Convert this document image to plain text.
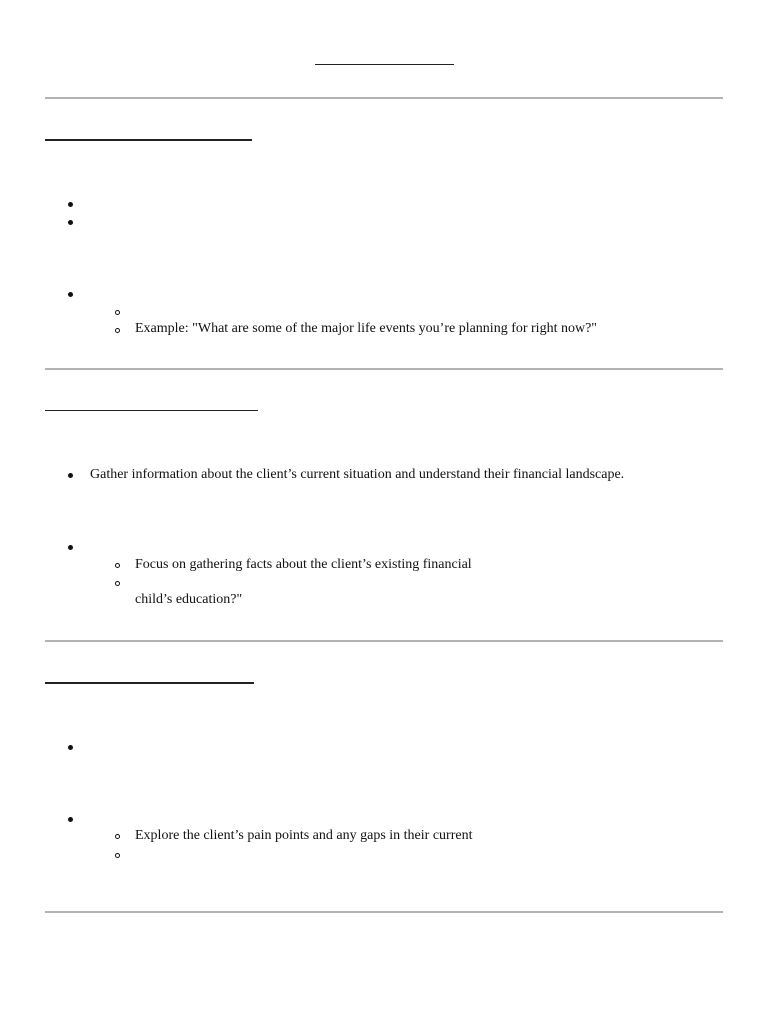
Example: "What are some of the major life events you’re planning for right now?"
Gather information about the client’s current situation and understand their financial landscape.
Focus on gathering facts about the client’s existing financial
child’s education?"
Explore the client’s pain points and any gaps in their current
